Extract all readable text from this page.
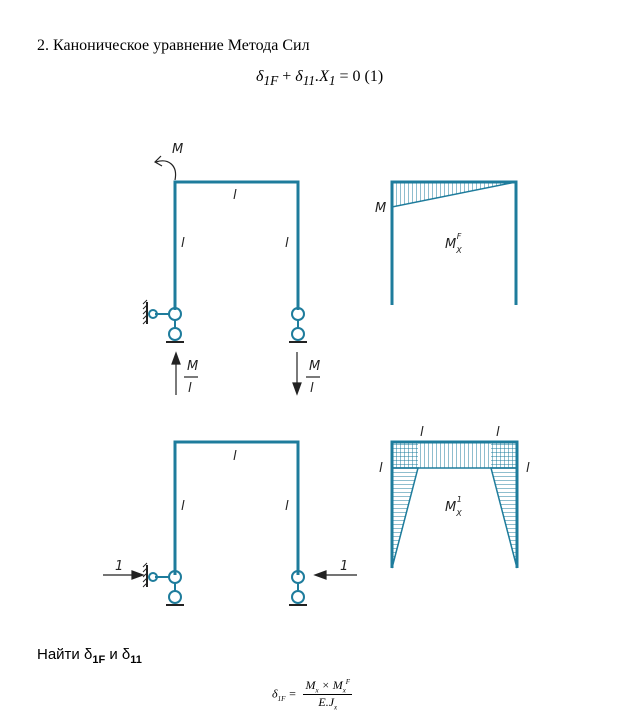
2. Каноническое уравнение Метода Сил
$\delta_{1F} + \delta_{11}.X_1 = 0$ (1)
M
l
l	l
M
l
M
l
M
$M_XF$
1	1
l
l	l
l	l
l	l
$M_X1$
Найти $\delta_{1F}$ и $\delta_{11}$
$\delta_{1F} = \frac{M_x \times M_x^F}{E.J_x}$
